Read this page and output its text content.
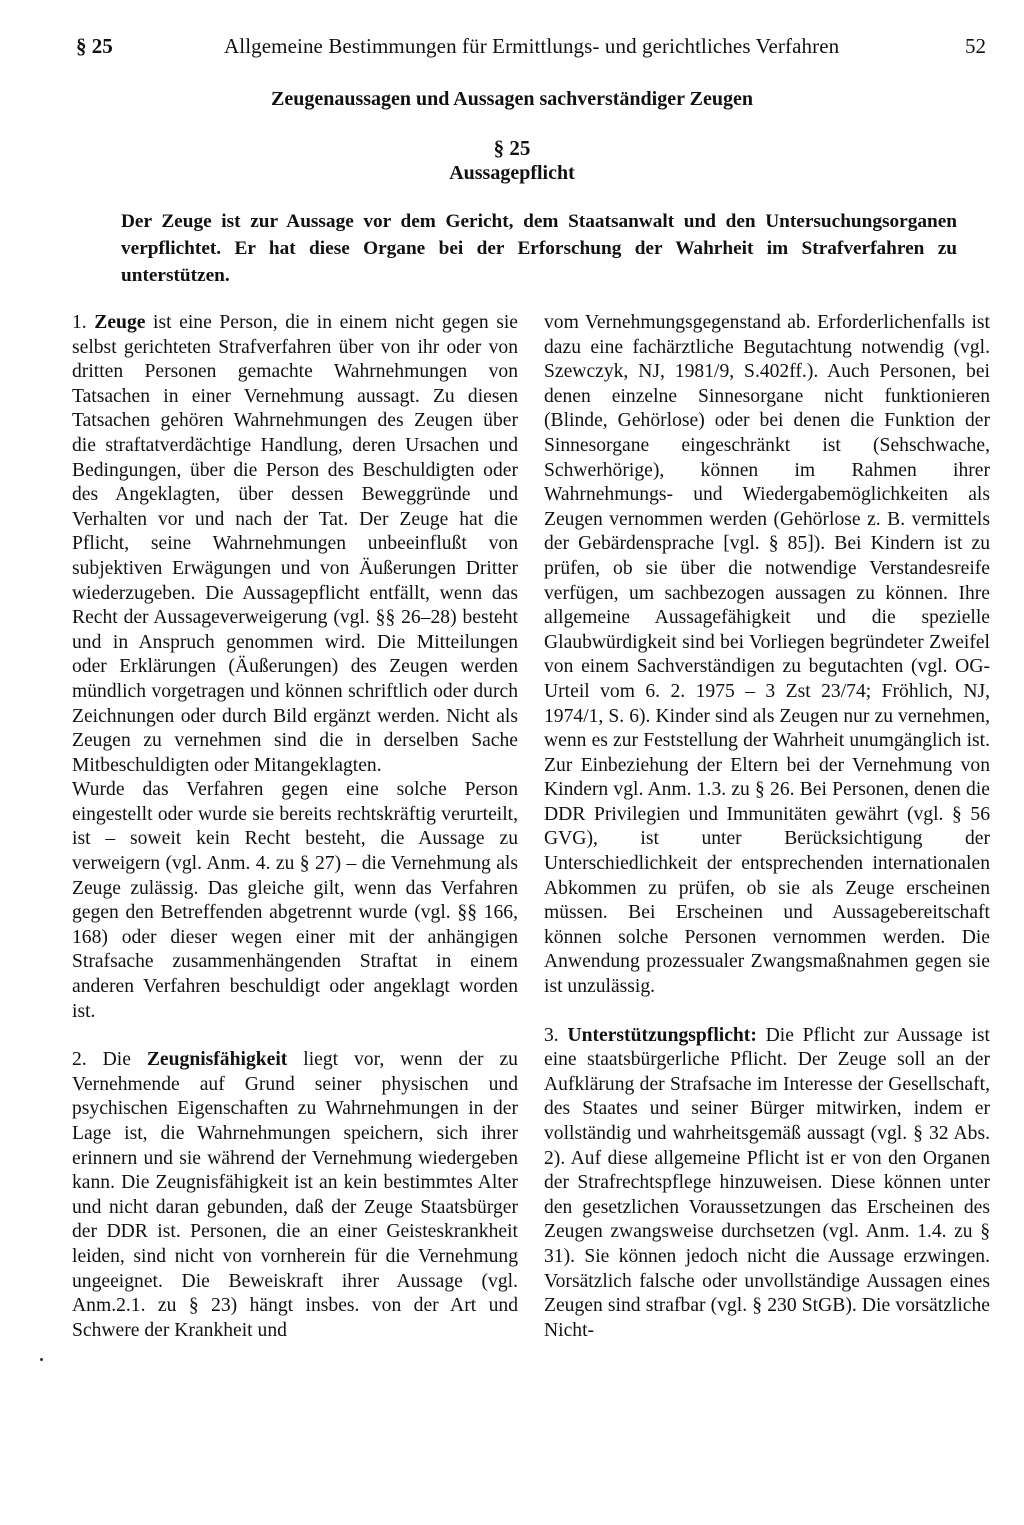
§ 25	Allgemeine Bestimmungen für Ermittlungs- und gerichtliches Verfahren	52
Zeugenaussagen und Aussagen sachverständiger Zeugen
§ 25
Aussagepflicht
Der Zeuge ist zur Aussage vor dem Gericht, dem Staatsanwalt und den Untersuchungsorganen verpflichtet. Er hat diese Organe bei der Erforschung der Wahrheit im Strafverfahren zu unterstützen.

1. Zeuge ist eine Person, die in einem nicht gegen sie selbst gerichteten Strafverfahren über von ihr oder von dritten Personen gemachte Wahrnehmungen von Tatsachen in einer Vernehmung aussagt. Zu diesen Tatsachen gehören Wahrnehmungen des Zeugen über die straftatverdächtige Handlung, deren Ursachen und Bedingungen, über die Person des Beschuldigten oder des Angeklagten, über dessen Beweggründe und Verhalten vor und nach der Tat. Der Zeuge hat die Pflicht, seine Wahrnehmungen unbeeinflußt von subjektiven Erwägungen und von Äußerungen Dritter wiederzugeben. Die Aussagepflicht entfällt, wenn das Recht der Aussageverweigerung (vgl. §§ 26–28) besteht und in Anspruch genommen wird. Die Mitteilungen oder Erklärungen (Äußerungen) des Zeugen werden mündlich vorgetragen und können schriftlich oder durch Zeichnungen oder durch Bild ergänzt werden. Nicht als Zeugen zu vernehmen sind die in derselben Sache Mitbeschuldigten oder Mitangeklagten.

Wurde das Verfahren gegen eine solche Person eingestellt oder wurde sie bereits rechtskräftig verurteilt, ist – soweit kein Recht besteht, die Aussage zu verweigern (vgl. Anm. 4. zu § 27) – die Vernehmung als Zeuge zulässig. Das gleiche gilt, wenn das Verfahren gegen den Betreffenden abgetrennt wurde (vgl. §§ 166, 168) oder dieser wegen einer mit der anhängigen Strafsache zusammenhängenden Straftat in einem anderen Verfahren beschuldigt oder angeklagt worden ist.

2. Die Zeugnisfähigkeit liegt vor, wenn der zu Vernehmende auf Grund seiner physischen und psychischen Eigenschaften zu Wahrnehmungen in der Lage ist, die Wahrnehmungen speichern, sich ihrer erinnern und sie während der Vernehmung wiedergeben kann. Die Zeugnisfähigkeit ist an kein bestimmtes Alter und nicht daran gebunden, daß der Zeuge Staatsbürger der DDR ist. Personen, die an einer Geisteskrankheit leiden, sind nicht von vornherein für die Vernehmung ungeeignet. Die Beweiskraft ihrer Aussage (vgl. Anm.2.1. zu § 23) hängt insbes. von der Art und Schwere der Krankheit und

vom Vernehmungsgegenstand ab. Erforderlichenfalls ist dazu eine fachärztliche Begutachtung notwendig (vgl. Szewczyk, NJ, 1981/9, S.402ff.). Auch Personen, bei denen einzelne Sinnesorgane nicht funktionieren (Blinde, Gehörlose) oder bei denen die Funktion der Sinnesorgane eingeschränkt ist (Sehschwache, Schwerhörige), können im Rahmen ihrer Wahrnehmungs- und Wiedergabemöglichkeiten als Zeugen vernommen werden (Gehörlose z. B. vermittels der Gebärdensprache [vgl. § 85]). Bei Kindern ist zu prüfen, ob sie über die notwendige Verstandesreife verfügen, um sachbezogen aussagen zu können. Ihre allgemeine Aussagefähigkeit und die spezielle Glaubwürdigkeit sind bei Vorliegen begründeter Zweifel von einem Sachverständigen zu begutachten (vgl. OG-Urteil vom 6. 2. 1975 – 3 Zst 23/74; Fröhlich, NJ, 1974/1, S. 6). Kinder sind als Zeugen nur zu vernehmen, wenn es zur Feststellung der Wahrheit unumgänglich ist. Zur Einbeziehung der Eltern bei der Vernehmung von Kindern vgl. Anm. 1.3. zu § 26. Bei Personen, denen die DDR Privilegien und Immunitäten gewährt (vgl. § 56 GVG), ist unter Berücksichtigung der Unterschiedlichkeit der entsprechenden internationalen Abkommen zu prüfen, ob sie als Zeuge erscheinen müssen. Bei Erscheinen und Aussagebereitschaft können solche Personen vernommen werden. Die Anwendung prozessualer Zwangsmaßnahmen gegen sie ist unzulässig.

3. Unterstützungspflicht: Die Pflicht zur Aussage ist eine staatsbürgerliche Pflicht. Der Zeuge soll an der Aufklärung der Strafsache im Interesse der Gesellschaft, des Staates und seiner Bürger mitwirken, indem er vollständig und wahrheitsgemäß aussagt (vgl. § 32 Abs. 2). Auf diese allgemeine Pflicht ist er von den Organen der Strafrechtspflege hinzuweisen. Diese können unter den gesetzlichen Voraussetzungen das Erscheinen des Zeugen zwangsweise durchsetzen (vgl. Anm. 1.4. zu § 31). Sie können jedoch nicht die Aussage erzwingen. Vorsätzlich falsche oder unvollständige Aussagen eines Zeugen sind strafbar (vgl. § 230 StGB). Die vorsätzliche Nicht-
